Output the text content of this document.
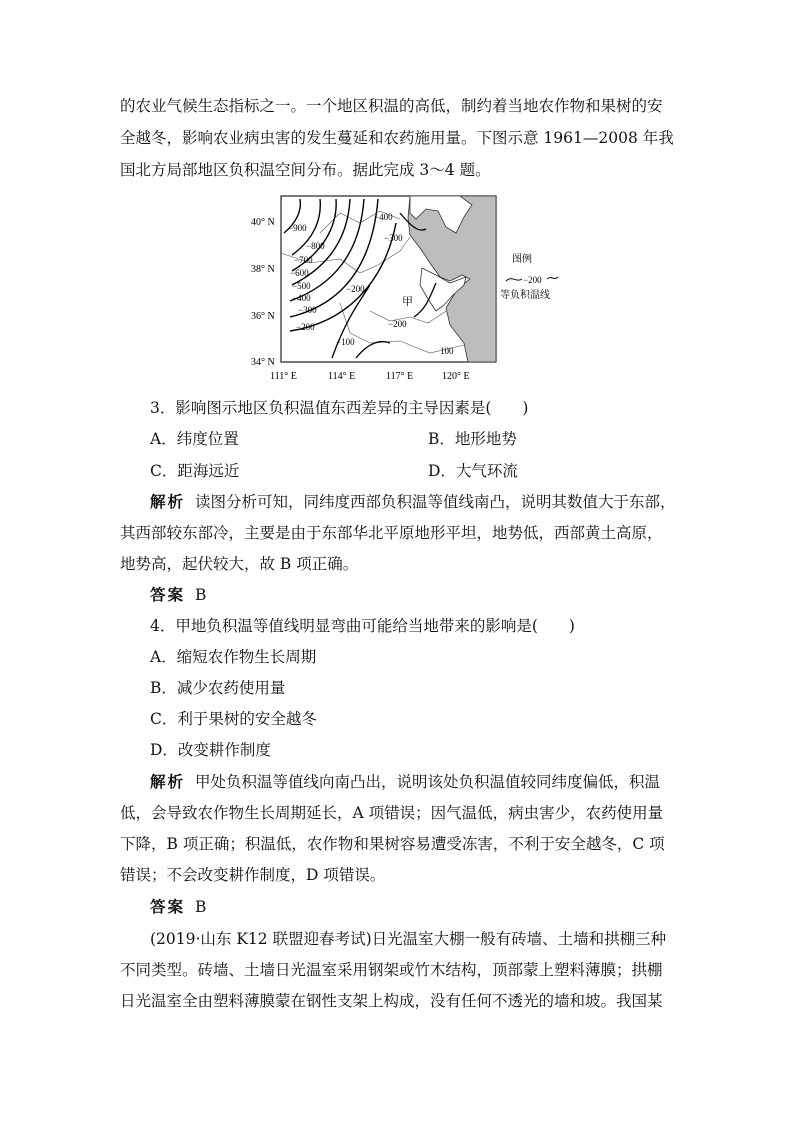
的农业气候生态指标之一。一个地区积温的高低，制约着当地农作物和果树的安
全越冬，影响农业病虫害的发生蔓延和农药施用量。下图示意 1961—2008 年我
国北方局部地区负积温空间分布。据此完成 3～4 题。
−900
−800
−700
−600
−500
−400
−300
−200
−200
−100
−400
−300
−200
100
甲
40° N
38° N
36° N
34° N
111° E	114° E	117° E	120° E
图例
−200
等负积温线
3．影响图示地区负积温值东西差异的主导因素是(　　)
A．纬度位置	B．地形地势
C．距海远近	D．大气环流
解析 读图分析可知，同纬度西部负积温等值线南凸，说明其数值大于东部，
其西部较东部冷，主要是由于东部华北平原地形平坦，地势低，西部黄土高原，
地势高，起伏较大，故 B 项正确。
答案 B
4．甲地负积温等值线明显弯曲可能给当地带来的影响是(　　)
A．缩短农作物生长周期
B．减少农药使用量
C．利于果树的安全越冬
D．改变耕作制度
解析 甲处负积温等值线向南凸出，说明该处负积温值较同纬度偏低，积温
低，会导致农作物生长周期延长，A 项错误；因气温低，病虫害少，农药使用量
下降，B 项正确；积温低，农作物和果树容易遭受冻害，不利于安全越冬，C 项
错误；不会改变耕作制度，D 项错误。
答案 B
(2019·山东 K12 联盟迎春考试)日光温室大棚一般有砖墙、土墙和拱棚三种
不同类型。砖墙、土墙日光温室采用钢架或竹木结构，顶部蒙上塑料薄膜；拱棚
日光温室全由塑料薄膜蒙在钢性支架上构成，没有任何不透光的墙和坡。我国某
